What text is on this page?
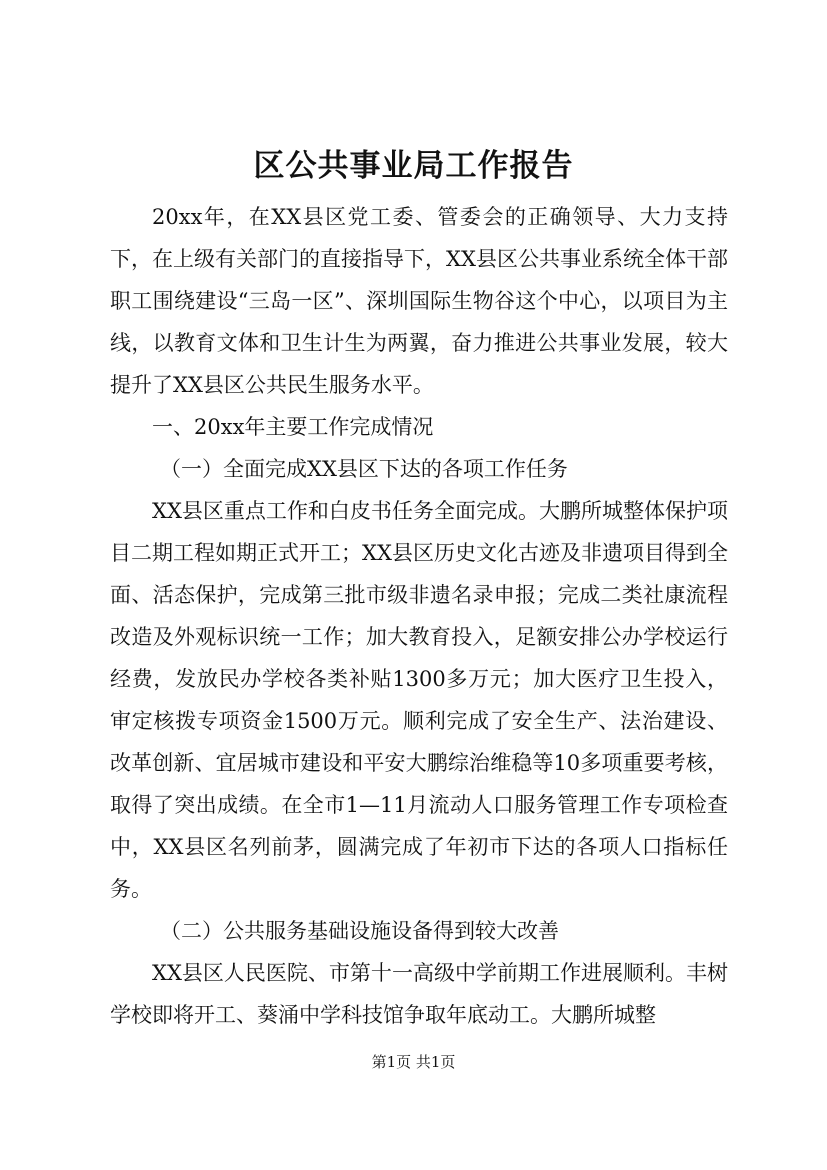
区公共事业局工作报告

20xx年，在XX县区党工委、管委会的正确领导、大力支持下，在上级有关部门的直接指导下，XX县区公共事业系统全体干部职工围绕建设“三岛一区”、深圳国际生物谷这个中心，以项目为主线，以教育文体和卫生计生为两翼，奋力推进公共事业发展，较大提升了XX县区公共民生服务水平。

一、20xx年主要工作完成情况

（一）全面完成XX县区下达的各项工作任务

XX县区重点工作和白皮书任务全面完成。大鹏所城整体保护项目二期工程如期正式开工；XX县区历史文化古迹及非遗项目得到全面、活态保护，完成第三批市级非遗名录申报；完成二类社康流程改造及外观标识统一工作；加大教育投入，足额安排公办学校运行经费，发放民办学校各类补贴1300多万元；加大医疗卫生投入，审定核拨专项资金1500万元。顺利完成了安全生产、法治建设、改革创新、宜居城市建设和平安大鹏综治维稳等10多项重要考核，取得了突出成绩。在全市1—11月流动人口服务管理工作专项检查中，XX县区名列前茅，圆满完成了年初市下达的各项人口指标任务。

（二）公共服务基础设施设备得到较大改善

XX县区人民医院、市第十一高级中学前期工作进展顺利。丰树学校即将开工、葵涌中学科技馆争取年底动工。大鹏所城整

第1页 共1页
